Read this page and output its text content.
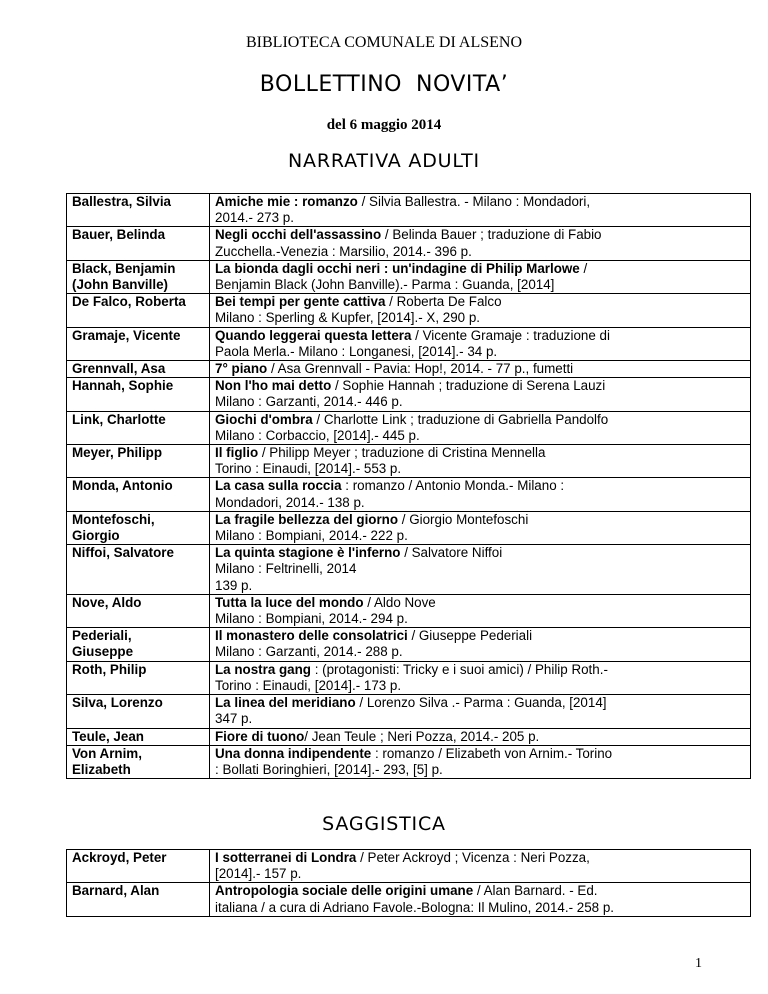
BIBLIOTECA COMUNALE DI ALSENO
BOLLETTINO NOVITA’
del 6 maggio 2014
NARRATIVA ADULTI
Ballestra, Silvia	Amiche mie : romanzo / Silvia Ballestra. - Milano : Mondadori,
2014.- 273 p.
Bauer, Belinda	Negli occhi dell'assassino / Belinda Bauer ; traduzione di Fabio
Zucchella.-Venezia : Marsilio, 2014.- 396 p.
Black, Benjamin
(John Banville)	La bionda dagli occhi neri : un'indagine di Philip Marlowe /
Benjamin Black (John Banville).- Parma : Guanda, [2014]
De Falco, Roberta	Bei tempi per gente cattiva / Roberta De Falco
Milano : Sperling & Kupfer, [2014].- X, 290 p.
Gramaje, Vicente	Quando leggerai questa lettera / Vicente Gramaje : traduzione di
Paola Merla.- Milano : Longanesi, [2014].- 34 p.
Grennvall, Asa	7° piano / Asa Grennvall - Pavia: Hop!, 2014. - 77 p., fumetti
Hannah, Sophie	Non l'ho mai detto / Sophie Hannah ; traduzione di Serena Lauzi
Milano : Garzanti, 2014.- 446 p.
Link, Charlotte	Giochi d'ombra / Charlotte Link ; traduzione di Gabriella Pandolfo
Milano : Corbaccio, [2014].- 445 p.
Meyer, Philipp	Il figlio / Philipp Meyer ; traduzione di Cristina Mennella
Torino : Einaudi, [2014].- 553 p.
Monda, Antonio	La casa sulla roccia : romanzo / Antonio Monda.- Milano :
Mondadori, 2014.- 138 p.
Montefoschi,
Giorgio	La fragile bellezza del giorno / Giorgio Montefoschi
Milano : Bompiani, 2014.- 222 p.
Niffoi, Salvatore	La quinta stagione è l'inferno / Salvatore Niffoi
Milano : Feltrinelli, 2014
139 p.
Nove, Aldo	Tutta la luce del mondo / Aldo Nove
Milano : Bompiani, 2014.- 294 p.
Pederiali,
Giuseppe	Il monastero delle consolatrici / Giuseppe Pederiali
Milano : Garzanti, 2014.- 288 p.
Roth, Philip	La nostra gang : (protagonisti: Tricky e i suoi amici) / Philip Roth.-
Torino : Einaudi, [2014].- 173 p.
Silva, Lorenzo	La linea del meridiano / Lorenzo Silva .- Parma : Guanda, [2014]
347 p.
Teule, Jean	Fiore di tuono/ Jean Teule ; Neri Pozza, 2014.- 205 p.
Von Arnim,
Elizabeth	Una donna indipendente : romanzo / Elizabeth von Arnim.- Torino
: Bollati Boringhieri, [2014].- 293, [5] p.
SAGGISTICA
Ackroyd, Peter	I sotterranei di Londra / Peter Ackroyd ; Vicenza : Neri Pozza,
[2014].- 157 p.
Barnard, Alan	Antropologia sociale delle origini umane / Alan Barnard. - Ed.
italiana / a cura di Adriano Favole.-Bologna: Il Mulino, 2014.- 258 p.
1
